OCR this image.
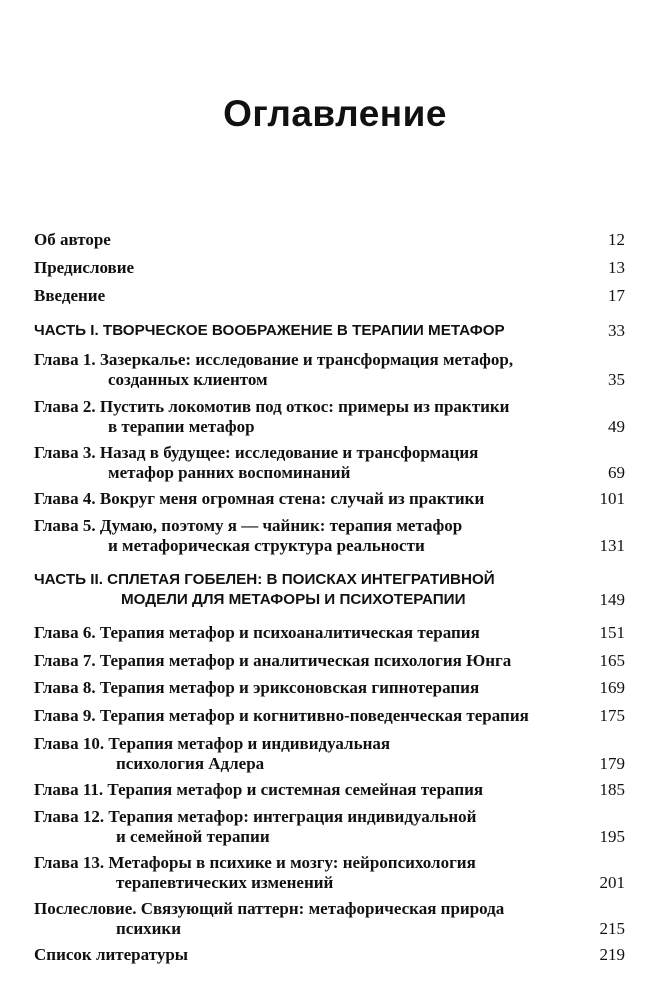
Оглавление
Об авторе	12
Предисловие	13
Введение	17
ЧАСТЬ I. ТВОРЧЕСКОЕ ВООБРАЖЕНИЕ В ТЕРАПИИ МЕТАФОР	33
Глава 1. Зазеркалье: исследование и трансформация метафор,
созданных клиентом	35
Глава 2. Пустить локомотив под откос: примеры из практики
в терапии метафор	49
Глава 3. Назад в будущее: исследование и трансформация
метафор ранних воспоминаний	69
Глава 4. Вокруг меня огромная стена: случай из практики	101
Глава 5. Думаю, поэтому я — чайник: терапия метафор
и метафорическая структура реальности	131
ЧАСТЬ II. СПЛЕТАЯ ГОБЕЛЕН: В ПОИСКАХ ИНТЕГРАТИВНОЙ
МОДЕЛИ ДЛЯ МЕТАФОРЫ И ПСИХОТЕРАПИИ	149
Глава 6. Терапия метафор и психоаналитическая терапия	151
Глава 7. Терапия метафор и аналитическая психология Юнга	165
Глава 8. Терапия метафор и эриксоновская гипнотерапия	169
Глава 9. Терапия метафор и когнитивно-поведенческая терапия	175
Глава 10. Терапия метафор и индивидуальная
психология Адлера	179
Глава 11. Терапия метафор и системная семейная терапия	185
Глава 12. Терапия метафор: интеграция индивидуальной
и семейной терапии	195
Глава 13. Метафоры в психике и мозгу: нейропсихология
терапевтических изменений	201
Послесловие. Связующий паттерн: метафорическая природа
психики	215
Список литературы	219
